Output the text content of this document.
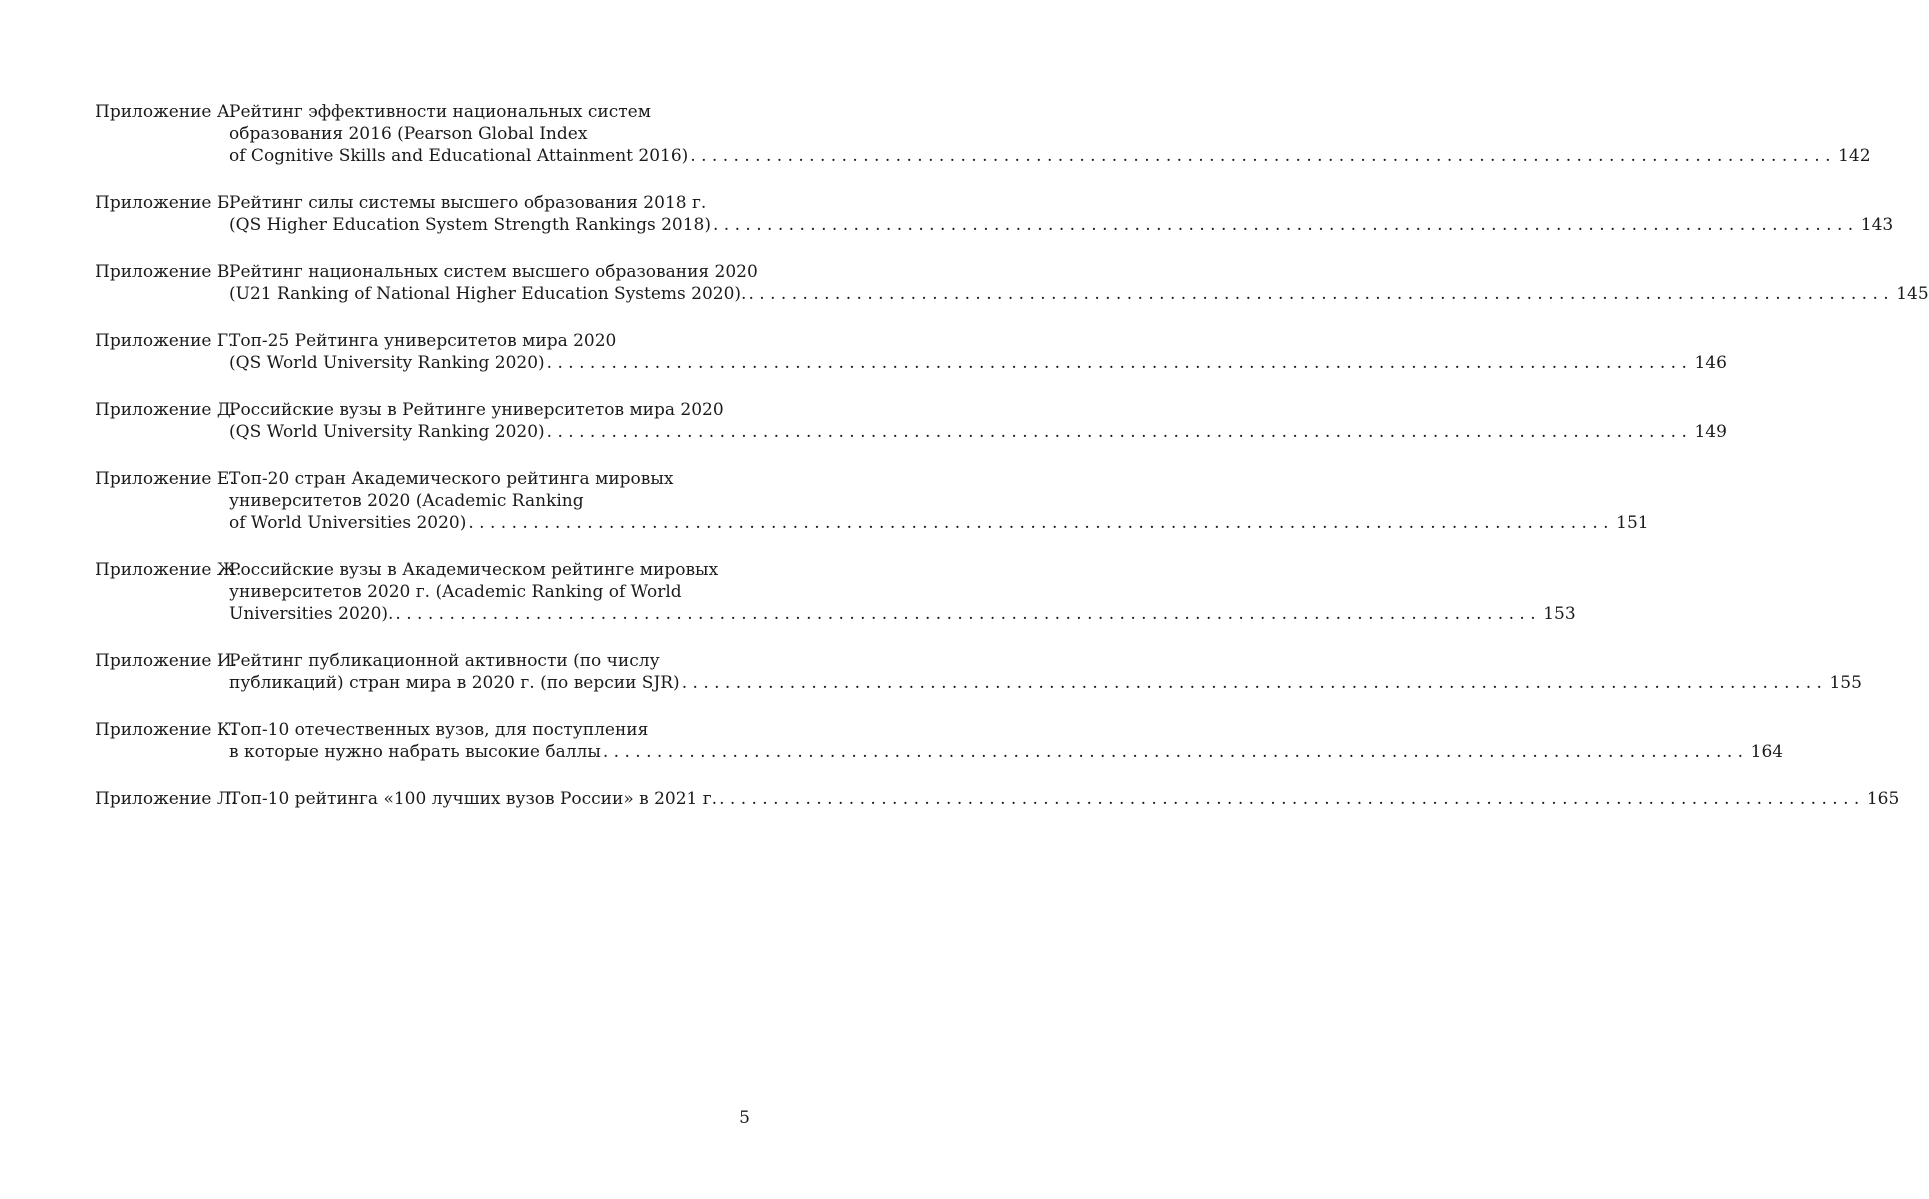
Приложение А.
Рейтинг эффективности национальных систем
образования 2016 (Pearson Global Index
of Cognitive Skills and Educational Attainment 2016) . . .	142
Приложение Б.
Рейтинг силы системы высшего образования 2018 г.
(QS Higher Education System Strength Rankings 2018) . . .	143
Приложение В.
Рейтинг национальных систем высшего образования 2020
(U21 Ranking of National Higher Education Systems 2020). . . .	145
Приложение Г.
Топ-25 Рейтинга университетов мира 2020
(QS World University Ranking 2020) . . .	146
Приложение Д.
Российские вузы в Рейтинге университетов мира 2020
(QS World University Ranking 2020) . . .	149
Приложение Е.
Топ-20 стран Академического рейтинга мировых
университетов 2020 (Academic Ranking
of World Universities 2020) . . .	151
Приложение Ж.
Российские вузы в Академическом рейтинге мировых
университетов 2020 г. (Academic Ranking of World
Universities 2020). . . .	153
Приложение И.
Рейтинг публикационной активности (по числу
публикаций) стран мира в 2020 г. (по версии SJR) . . .	155
Приложение К.
Топ-10 отечественных вузов, для поступления
в которые нужно набрать высокие баллы . . .	164
Приложение Л.
Топ-10 рейтинга «100 лучших вузов России» в 2021 г. . . .	165
5
